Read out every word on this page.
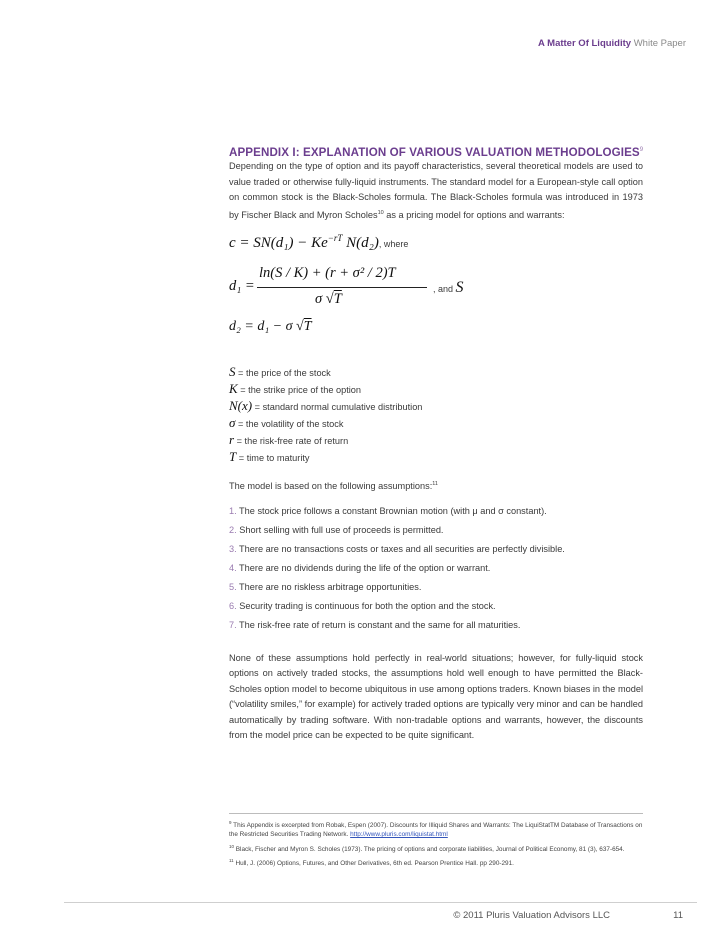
A Matter Of Liquidity White Paper

APPENDIX I: EXPLANATION OF VARIOUS VALUATION METHODOLOGIES$^9$

Depending on the type of option and its payoff characteristics, several theoretical models are used to value traded or otherwise fully-liquid instruments. The standard model for a European-style call option on common stock is the Black-Scholes formula. The Black-Scholes formula was introduced in 1973 by Fischer Black and Myron Scholes$^{10}$ as a pricing model for options and warrants:

$c = SN(d_1) - Ke^{-rT}$ N(d₂), where
d₁ =
ln(S / K) + (r + σ² / 2)T
σ √T
, and S
d₂ = d₁ − σ √T
S = the price of the stock
K = the strike price of the option
N(x) = standard normal cumulative distribution
σ = the volatility of the stock
r = the risk-free rate of return
T = time to maturity
The model is based on the following assumptions:$^{11}$
1. The stock price follows a constant Brownian motion (with μ and σ constant).
2. Short selling with full use of proceeds is permitted.
3. There are no transactions costs or taxes and all securities are perfectly divisible.
4. There are no dividends during the life of the option or warrant.
5. There are no riskless arbitrage opportunities.
6. Security trading is continuous for both the option and the stock.
7. The risk-free rate of return is constant and the same for all maturities.

None of these assumptions hold perfectly in real-world situations; however, for fully-liquid stock options on actively traded stocks, the assumptions hold well enough to have permitted the Black-Scholes option model to become ubiquitous in use among options traders. Known biases in the model (“volatility smiles,” for example) for actively traded options are typically very minor and can be handled automatically by trading software. With non-tradable options and warrants, however, the discounts from the model price can be expected to be quite significant.

$^9$ This Appendix is excerpted from Robak, Espen (2007). Discounts for Illiquid Shares and Warrants: The LiquiStatTM Database of Transactions on the Restricted Securities Trading Network. http://www.pluris.com/liquistat.html

$^{10}$ Black, Fischer and Myron S. Scholes (1973). The pricing of options and corporate liabilities, Journal of Political Economy, 81 (3), 637-654.

$^{11}$ Hull, J. (2006) Options, Futures, and Other Derivatives, 6th ed. Pearson Prentice Hall. pp 290-291.

© 2011 Pluris Valuation Advisors LLC	11
